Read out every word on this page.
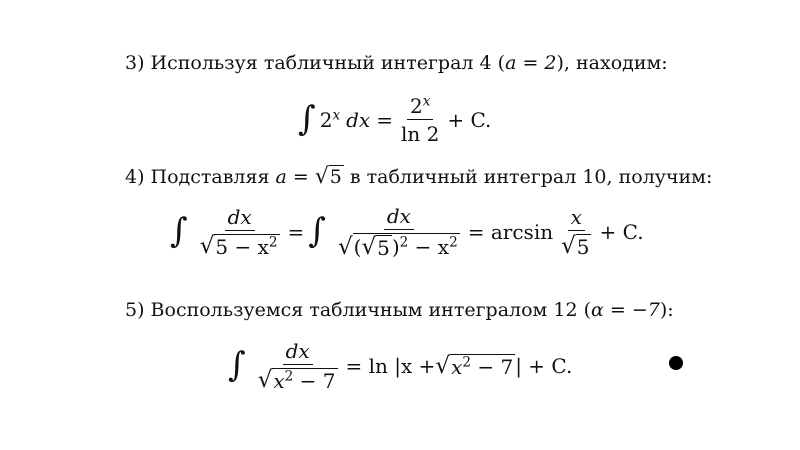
3) Используя табличный интеграл 4 (a = 2), находим:
∫ 2$^x$ dx = $\frac{2^x}{\ln 2} + C$.
4) Подставляя a = √ 5 в табличный интеграл 10, получим:
∫ $\frac{dx}{√ 5 - x^2}$ = ∫ $\frac{dx}{√ ( √ 5 )^2 - x^2} = \arcsin \frac{x}{√ 5} + C$.
5) Воспользуемся табличным интегралом 12 (α = −7):
∫ $\frac{dx}{√ x^2 - 7} = \ln |x$ + √ $x^2 - 7$ | + C.
